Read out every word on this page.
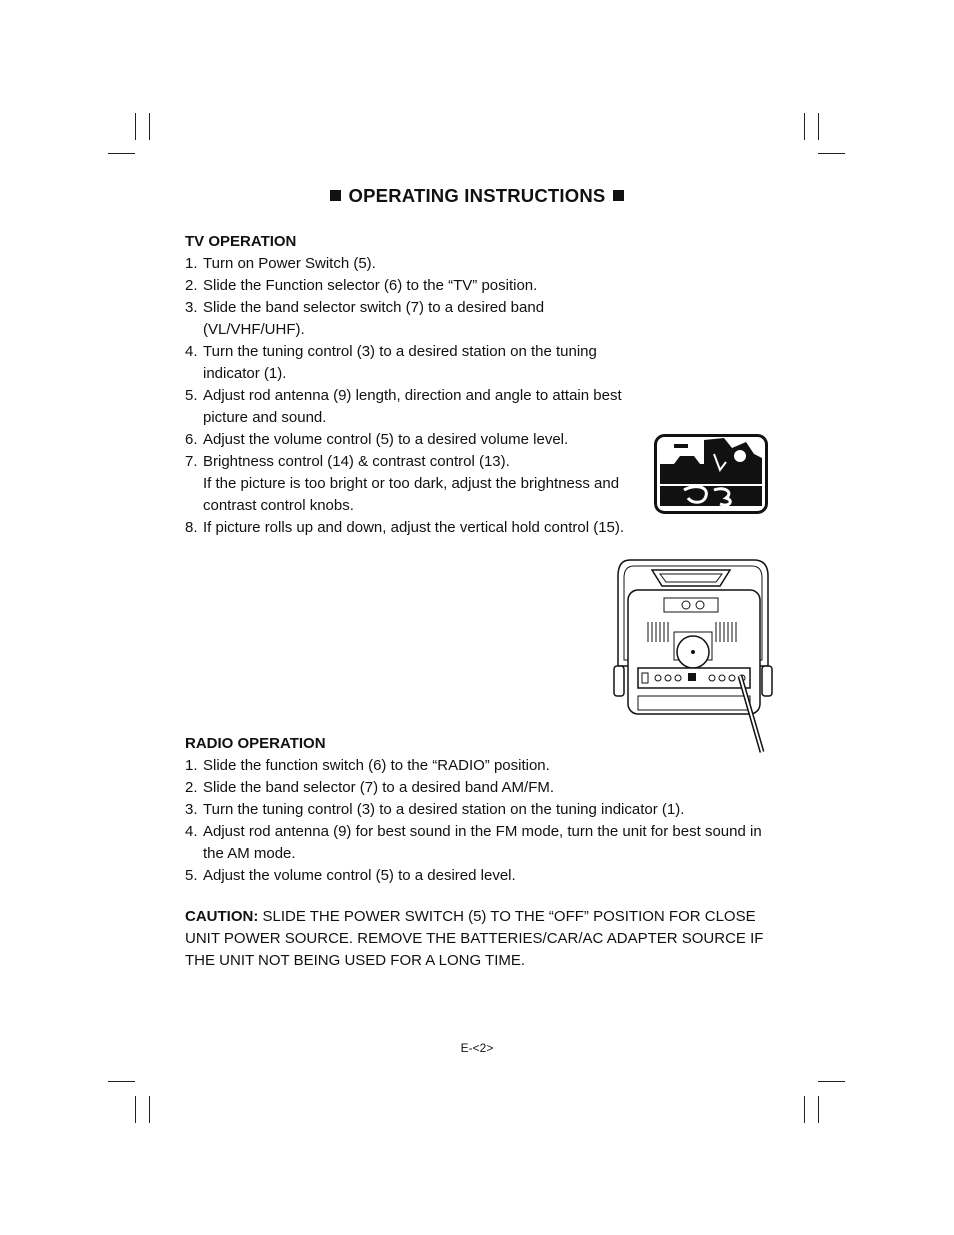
OPERATING INSTRUCTIONS
TV OPERATION
1. Turn on Power Switch (5).
2. Slide the Function selector (6) to the “TV” position.
3. Slide the band selector switch (7) to a desired band (VL/VHF/UHF).
4. Turn the tuning control (3) to a desired station on the tuning indicator (1).
5. Adjust rod antenna (9) length, direction and angle to attain best picture and sound.
6. Adjust the volume control (5) to a desired volume level.
7. Brightness control (14) & contrast control (13).
If the picture is too bright or too dark, adjust the brightness and contrast control knobs.
8. If picture rolls up and down, adjust the vertical hold control (15).
RADIO OPERATION
1. Slide the function switch (6) to the “RADIO” position.
2. Slide the band selector (7) to a desired band AM/FM.
3. Turn the tuning control (3) to a desired station on the tuning indicator (1).
4. Adjust rod antenna (9) for best sound in the FM mode, turn the unit for best sound in the AM mode.
5. Adjust the volume control (5) to a desired level.
CAUTION: SLIDE THE POWER SWITCH (5) TO THE “OFF” POSITION FOR CLOSE UNIT POWER SOURCE. REMOVE THE BATTERIES/CAR/AC ADAPTER SOURCE IF THE UNIT NOT BEING USED FOR A LONG TIME.
E-<2>
